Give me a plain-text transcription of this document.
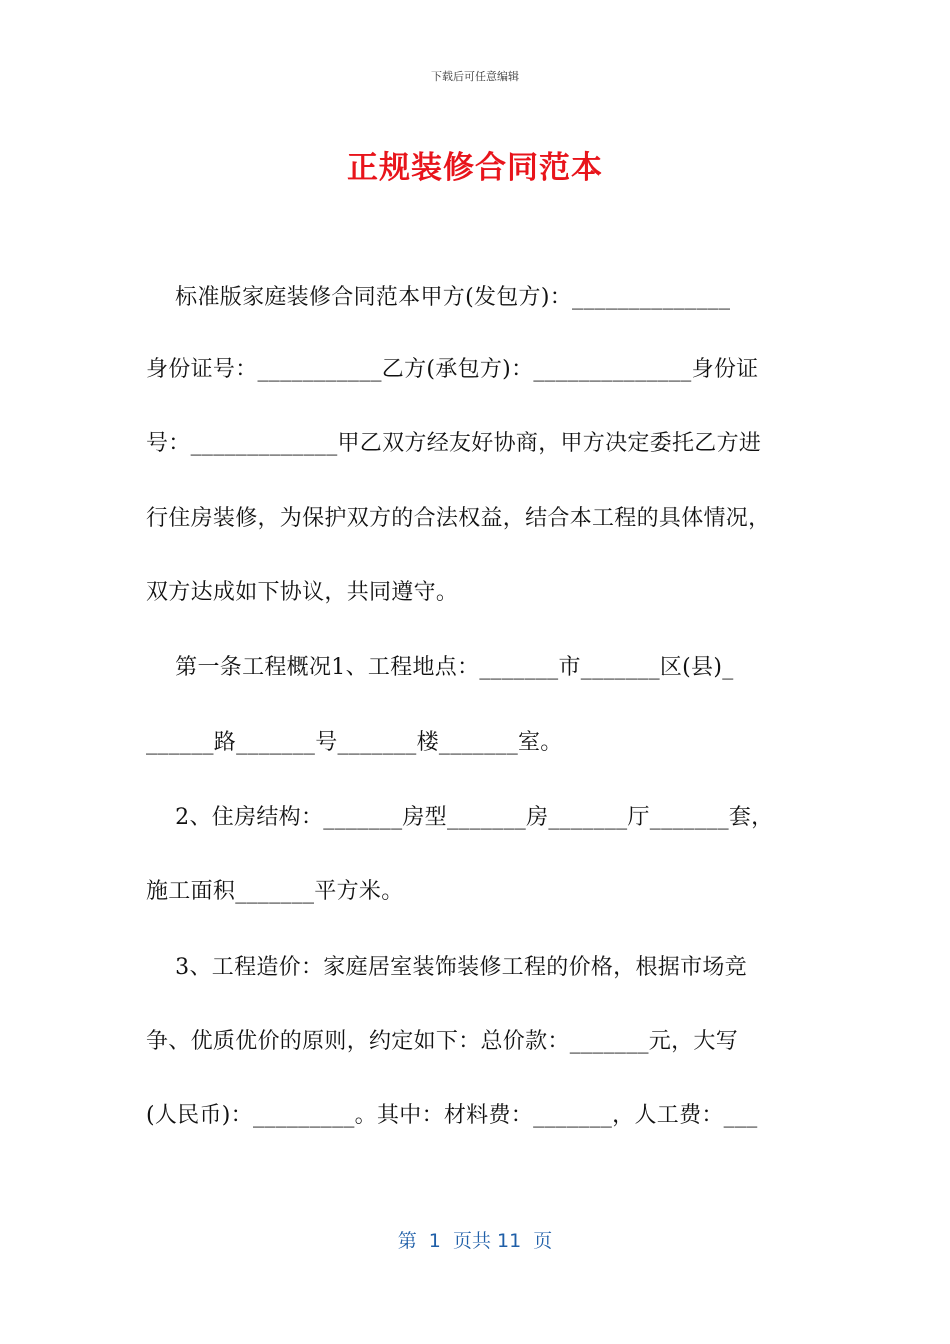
下载后可任意编辑
正规装修合同范本
标准版家庭装修合同范本甲方(发包方)：______________
身份证号：___________乙方(承包方)：______________身份证
号：_____________甲乙双方经友好协商，甲方决定委托乙方进
行住房装修，为保护双方的合法权益，结合本工程的具体情况，
双方达成如下协议，共同遵守。
第一条工程概况1、工程地点：_______市_______区(县)_
______路_______号_______楼_______室。
2、住房结构：_______房型_______房_______厅_______套，
施工面积_______平方米。
3、工程造价：家庭居室装饰装修工程的价格，根据市场竞
争、优质优价的原则，约定如下：总价款：_______元，大写
(人民币)：_________。其中：材料费：_______，人工费：___
第  1  页共 11  页
